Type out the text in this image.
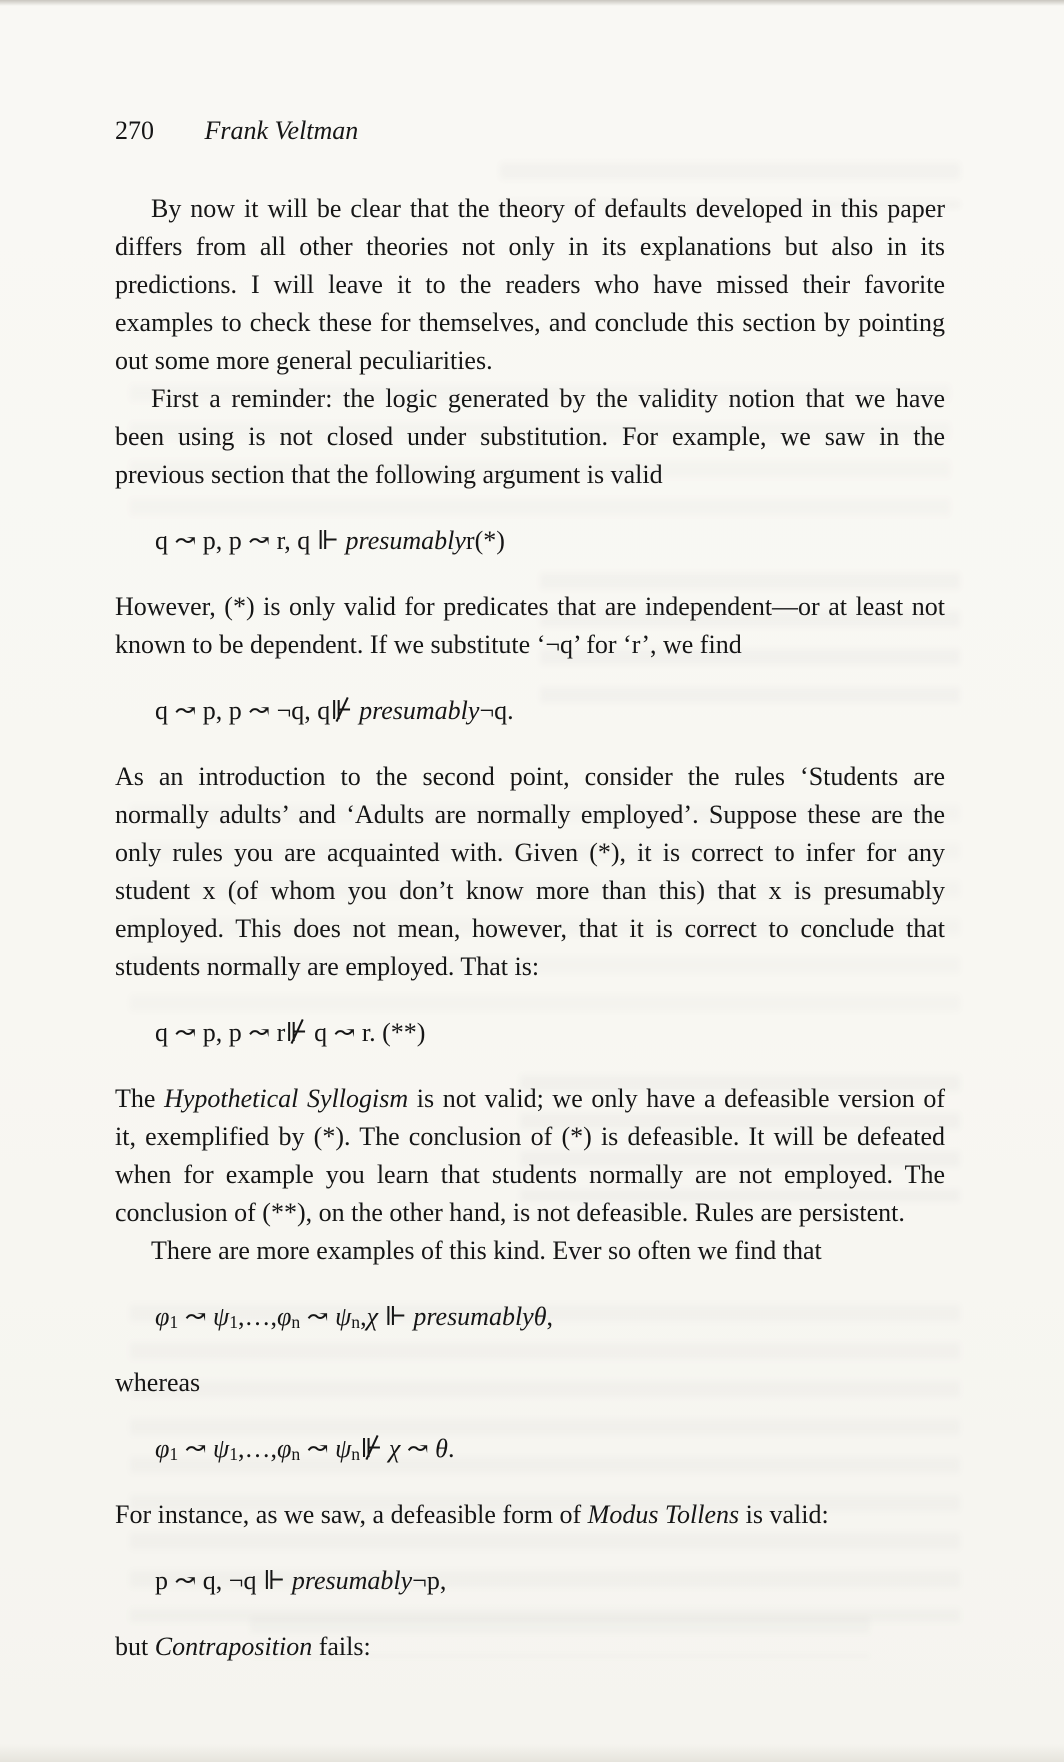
270 Frank Veltman

By now it will be clear that the theory of defaults developed in this paper differs from all other theories not only in its explanations but also in its predictions. I will leave it to the readers who have missed their favorite examples to check these for themselves, and conclude this section by pointing out some more general peculiarities.

First a reminder: the logic generated by the validity notion that we have been using is not closed under substitution. For example, we saw in the previous section that the following argument is valid

q ↝ p, p ↝ r, q ⊩ presumablyr(*)

However, (*) is only valid for predicates that are independent—or at least not known to be dependent. If we substitute ‘¬q’ for ‘r’, we find

q ↝ p, p ↝ ¬q, q⊮ presumably¬q.

As an introduction to the second point, consider the rules ‘Students are normally adults’ and ‘Adults are normally employed’. Suppose these are the only rules you are acquainted with. Given (*), it is correct to infer for any student x (of whom you don’t know more than this) that x is presumably employed. This does not mean, however, that it is correct to conclude that students normally are employed. That is:

q ↝ p, p ↝ r⊮ q ↝ r. (**)

The Hypothetical Syllogism is not valid; we only have a defeasible version of it, exemplified by (*). The conclusion of (*) is defeasible. It will be defeated when for example you learn that students normally are not employed. The conclusion of (**), on the other hand, is not defeasible. Rules are persistent.

There are more examples of this kind. Ever so often we find that

φ1 ↝ ψ1,…,φn ↝ ψn,χ ⊩ presumablyθ,

whereas

φ1 ↝ ψ1,…,φn ↝ ψn⊮ χ ↝ θ.

For instance, as we saw, a defeasible form of Modus Tollens is valid:

p ↝ q, ¬q ⊩ presumably¬p,

but Contraposition fails:
